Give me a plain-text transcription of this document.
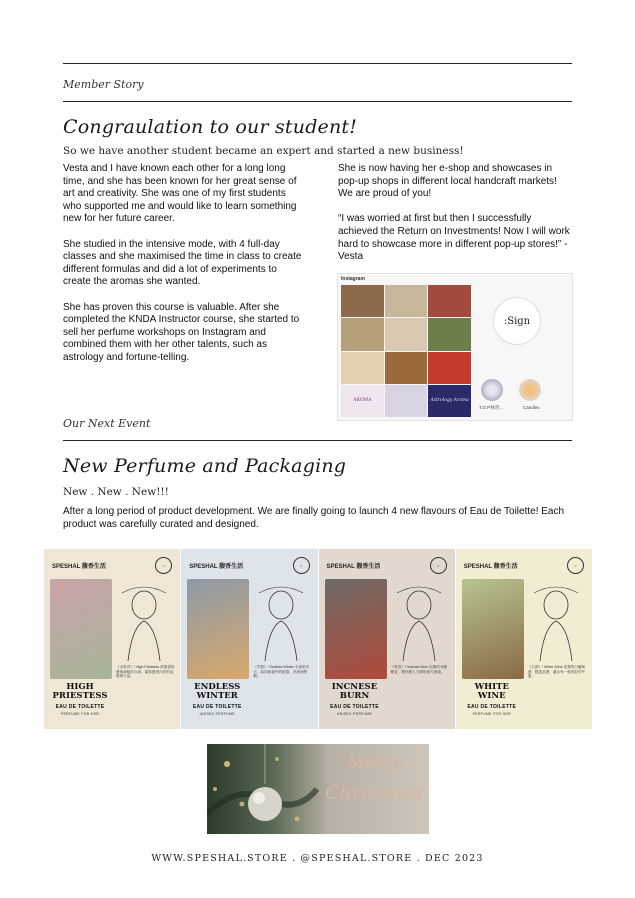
Member Story
Congraulation to our student!
So we have another student became an expert and started a new business!

Vesta and I have known each other for a long long time, and she has been known for her great sense of art and creativity. She was one of my first students who supported me and would like to learn something new for her future career.

She studied in the intensive mode, with 4 full-day classes and she maximised the time in class to create different formulas and did a lot of experiments to create the aromas she wanted.

She has proven this course is valuable. After she completed the KNDA Instructor course, she started to sell her perfume workshops on Instagram and combined them with her other talents, such as astrology and fortune-telling.

She is now having her e-shop and showcases in pop-up shops in different local handcraft markets! We are proud of you!

“I was worried at first but then I successfully achieved the Return on Investments! Now I will work hard to showcase more in different pop-up stores!” - Vesta

Instagram
AROMA	Astrology Aroma
:Sign
T.O.P林貨...	Candles
Our Next Event
New Perfume and Packaging
New . New . New!!!

After a long period of product development. We are finally going to launch 4 new flavours of Eau de Toilette! Each product was carefully curated and designed.

SPESHAL 馥香生活	○
《女祭司》/ High Priestess 象徵著智慧與神秘的女神，讓你感受內在的直覺與力量。
HIGH
PRIESTESS
EAU DE TOILETTE
PERFUME FOR HER
SPESHAL 馥香生活	○
《冬狼》/ Endless Winter 永恆的冬日，如同寒夜中的狼群，冷冽而堅韌。
ENDLESS
WINTER
EAU DE TOILETTE
UNISEX PERFUME
SPESHAL 馥香生活	○
《焚香》/ Incense Burn 沉静的寺廟煙香，帶你進入宁靜的東方意境。
INCNESE
BURN
EAU DE TOILETTE
UNISEX PERFUME
SPESHAL 馥香生活	○
《白酒》/ White Wine 清爽的白葡萄酒，輕盈浪漫，適合每一個美好的午後。
WHITE
WINE
EAU DE TOILETTE
PERFUME FOR HER
Merry
Christmas
WWW.SPESHAL.STORE . @SPESHAL.STORE . DEC 2023
